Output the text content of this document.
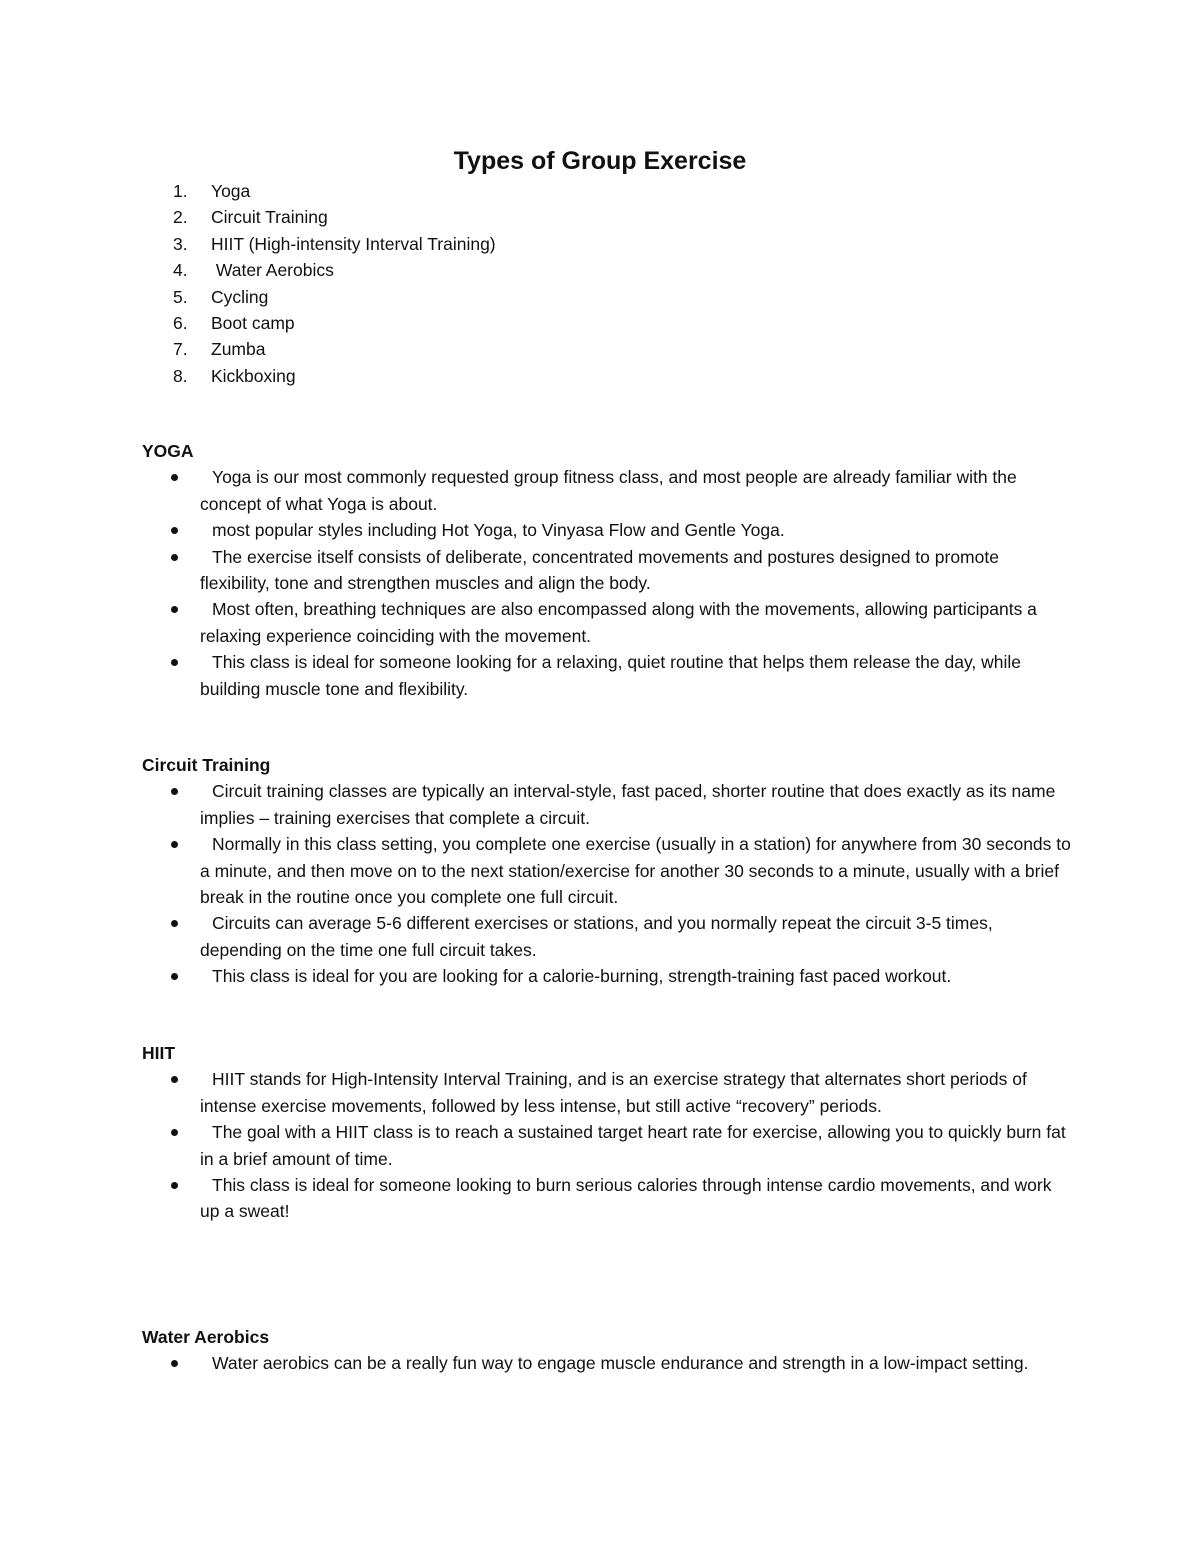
Types of Group Exercise
1. Yoga
2. Circuit Training
3. HIIT (High-intensity Interval Training)
4. Water Aerobics
5. Cycling
6. Boot camp
7. Zumba
8. Kickboxing
YOGA
Yoga is our most commonly requested group fitness class, and most people are already familiar with the concept of what Yoga is about.
most popular styles including Hot Yoga, to Vinyasa Flow and Gentle Yoga.
The exercise itself consists of deliberate, concentrated movements and postures designed to promote flexibility, tone and strengthen muscles and align the body.
Most often, breathing techniques are also encompassed along with the movements, allowing participants a relaxing experience coinciding with the movement.
This class is ideal for someone looking for a relaxing, quiet routine that helps them release the day, while building muscle tone and flexibility.
Circuit Training
Circuit training classes are typically an interval-style, fast paced, shorter routine that does exactly as its name implies – training exercises that complete a circuit.
Normally in this class setting, you complete one exercise (usually in a station) for anywhere from 30 seconds to a minute, and then move on to the next station/exercise for another 30 seconds to a minute, usually with a brief break in the routine once you complete one full circuit.
Circuits can average 5-6 different exercises or stations, and you normally repeat the circuit 3-5 times, depending on the time one full circuit takes.
This class is ideal for you are looking for a calorie-burning, strength-training fast paced workout.
HIIT
HIIT stands for High-Intensity Interval Training, and is an exercise strategy that alternates short periods of intense exercise movements, followed by less intense, but still active “recovery” periods.
The goal with a HIIT class is to reach a sustained target heart rate for exercise, allowing you to quickly burn fat in a brief amount of time.
This class is ideal for someone looking to burn serious calories through intense cardio movements, and work up a sweat!
Water Aerobics
Water aerobics can be a really fun way to engage muscle endurance and strength in a low-impact setting.
